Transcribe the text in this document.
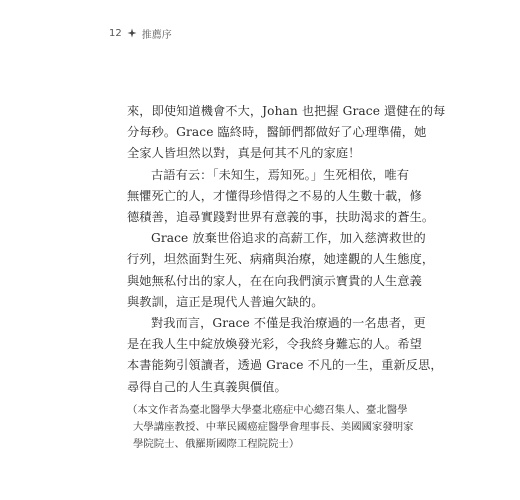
12 推薦序

來，即使知道機會不大，Johan 也把握 Grace 還健在的每
分每秒。Grace 臨終時，醫師們都做好了心理準備，她
全家人皆坦然以對，真是何其不凡的家庭！

古語有云：「未知生，焉知死。」生死相依，唯有
無懼死亡的人，才懂得珍惜得之不易的人生數十載，修
德積善，追尋實踐對世界有意義的事，扶助渴求的蒼生。

Grace 放棄世俗追求的高薪工作，加入慈濟救世的
行列，坦然面對生死、病痛與治療，她達觀的人生態度，
與她無私付出的家人，在在向我們演示寶貴的人生意義
與教訓，這正是現代人普遍欠缺的。

對我而言，Grace 不僅是我治療過的一名患者，更
是在我人生中綻放煥發光彩，令我終身難忘的人。希望
本書能夠引領讀者，透過 Grace 不凡的一生，重新反思，
尋得自己的人生真義與價值。

（本文作者為臺北醫學大學臺北癌症中心總召集人、臺北醫學
大學講座教授、中華民國癌症醫學會理事長、美國國家發明家
學院院士、俄羅斯國際工程院院士）
